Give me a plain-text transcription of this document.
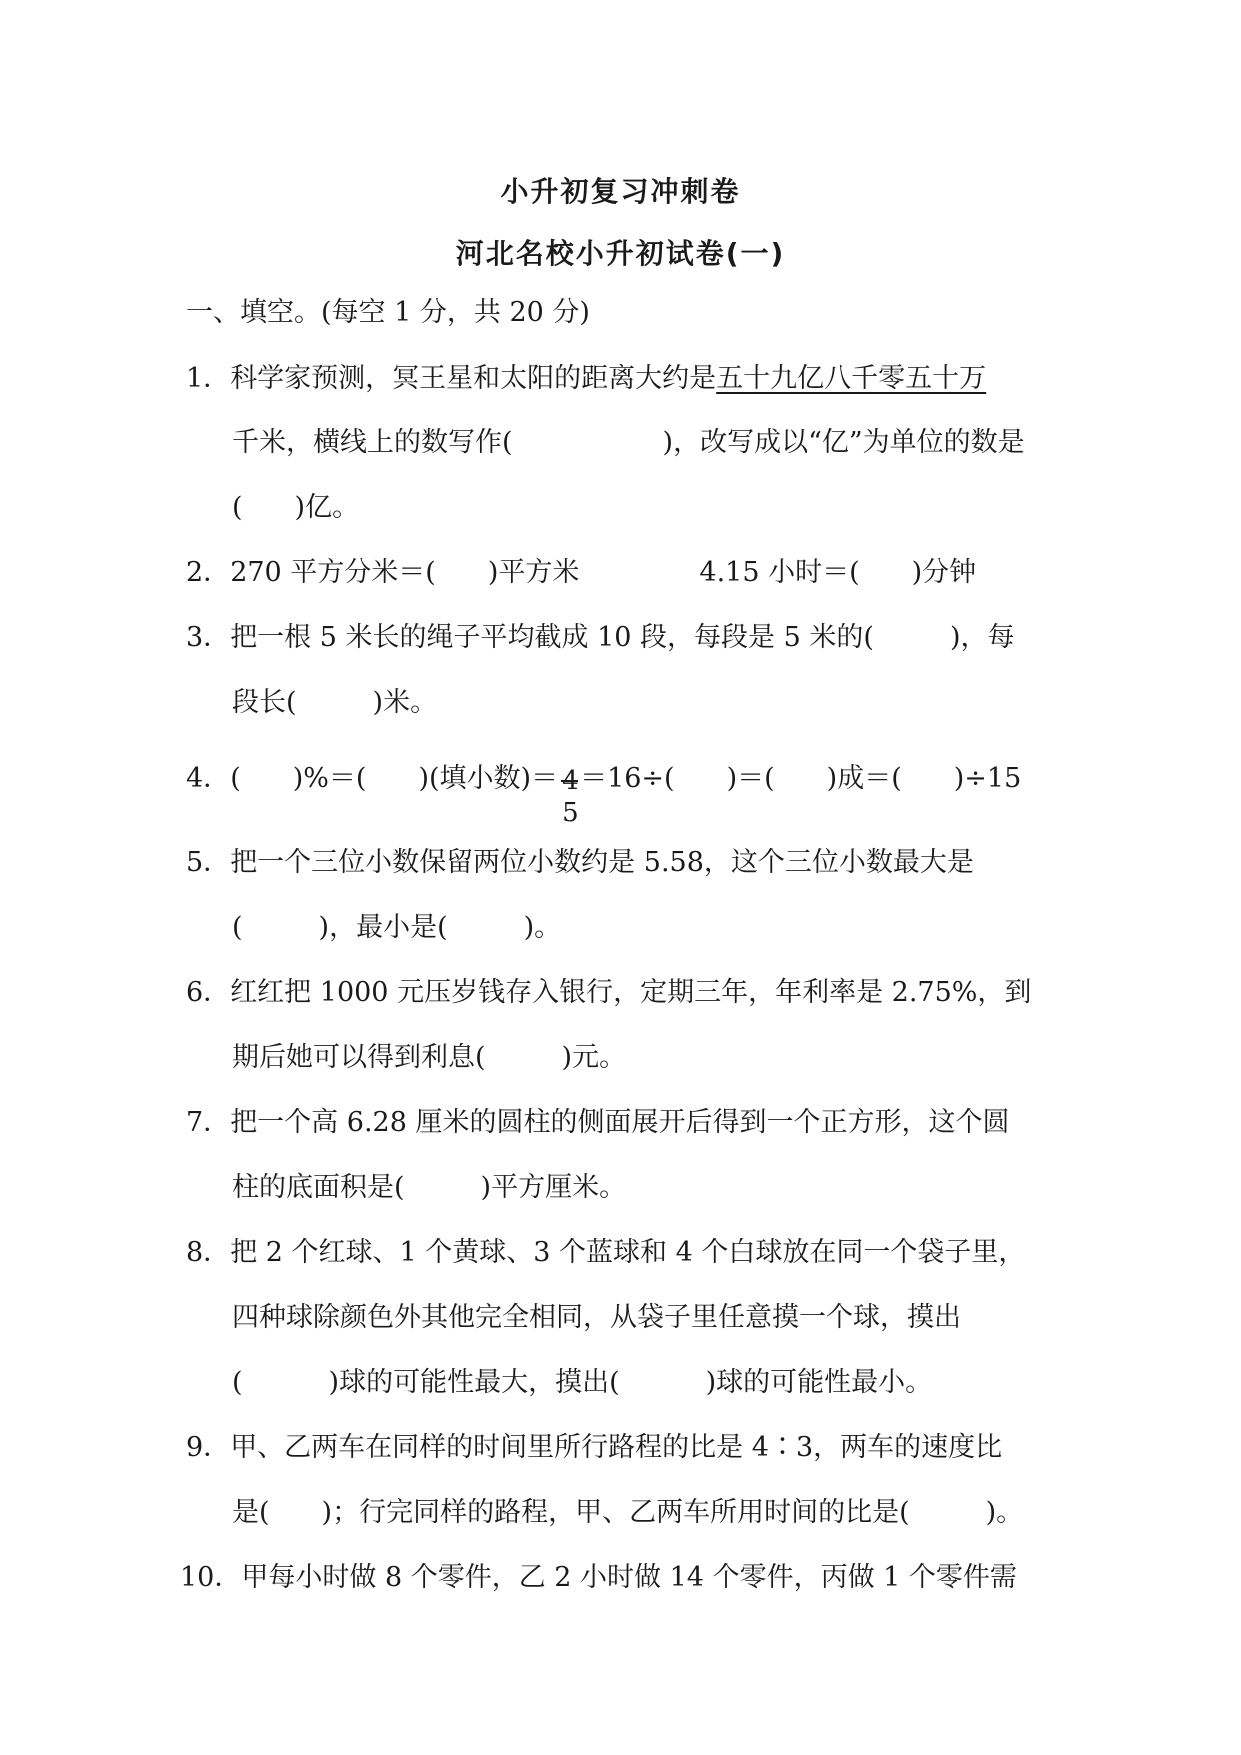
小升初复习冲刺卷
河北名校小升初试卷(一)
一、填空。(每空 1 分，共 20 分)
1．科学家预测，冥王星和太阳的距离大约是五十九亿八千零五十万
千米，横线上的数写作(	)，改写成以“亿”为单位的数是
( )亿。
2．270 平方分米＝( )平方米	4.15 小时＝( )分钟
3．把一根 5 米长的绳子平均截成 10 段，每段是 5 米的(	)，每
段长(	)米。
4．( )%＝( )(填小数)＝ 4
5
＝16÷( )＝( )成＝( )÷15
5．把一个三位小数保留两位小数约是 5.58，这个三位小数最大是
(	)，最小是(	)。
6．红红把 1000 元压岁钱存入银行，定期三年，年利率是 2.75%，到
期后她可以得到利息(	)元。
7．把一个高 6.28 厘米的圆柱的侧面展开后得到一个正方形，这个圆
柱的底面积是(	)平方厘米。
8．把 2 个红球、1 个黄球、3 个蓝球和 4 个白球放在同一个袋子里，
四种球除颜色外其他完全相同，从袋子里任意摸一个球，摸出
(	)球的可能性最大，摸出(	)球的可能性最小。
9．甲、乙两车在同样的时间里所行路程的比是 4∶3，两车的速度比
是( )；行完同样的路程，甲、乙两车所用时间的比是(	)。
10．甲每小时做 8 个零件，乙 2 小时做 14 个零件，丙做 1 个零件需
